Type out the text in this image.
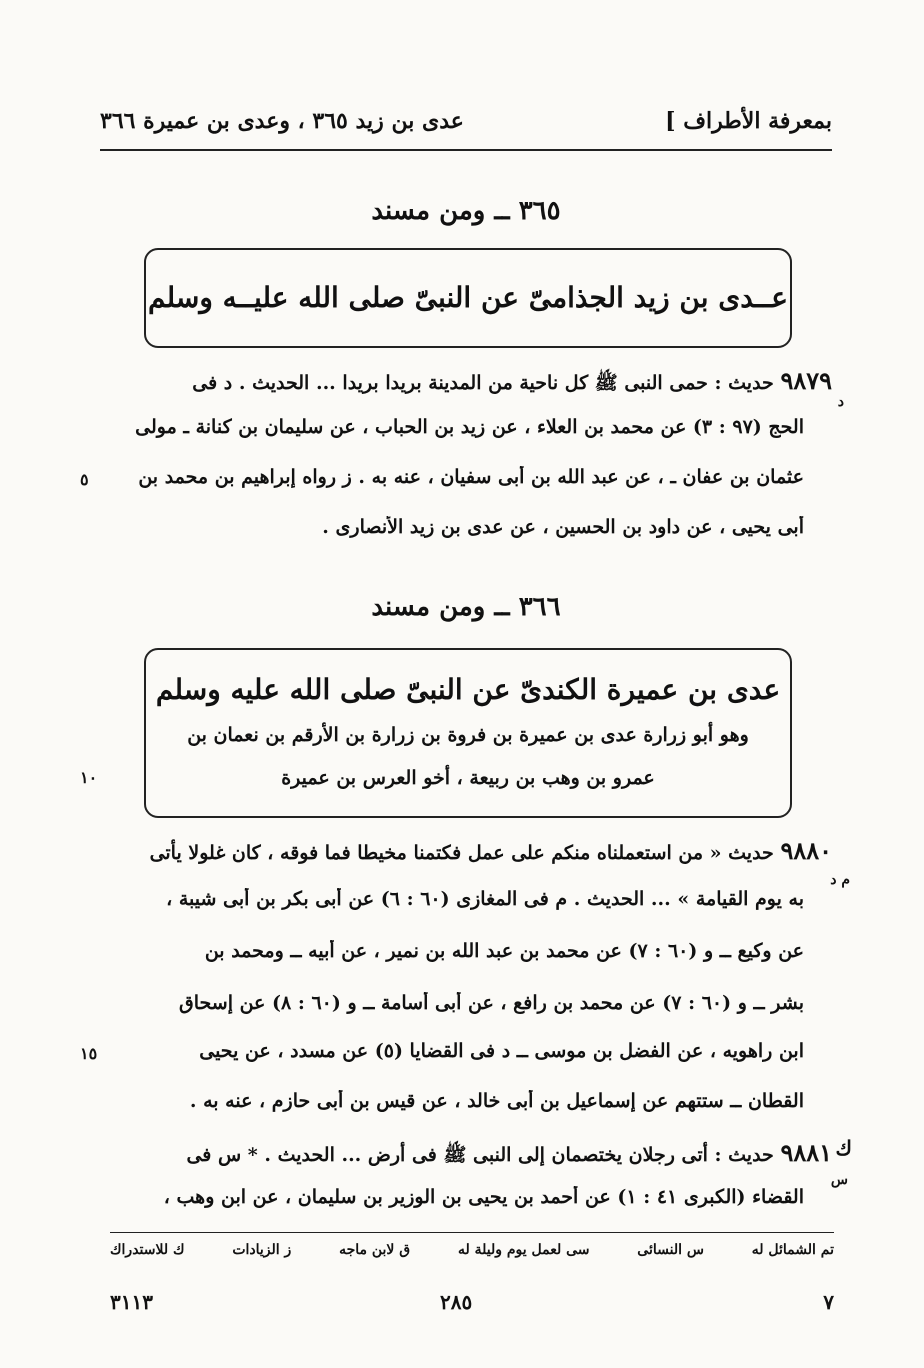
بمعرفة الأطراف ]
عدى بن زيد ٣٦٥ ، وعدى بن عميرة ٣٦٦
٣٦٥ ــ ومن مسند
عــدى بن زيد الجذامىّ عن النبىّ صلى الله عليــه وسلم
٩٨٧٩ حديث : حمى النبى ﷺ كل ناحية من المدينة بريدا بريدا ... الحديث . د فى
د
الحج (٩٧ : ٣) عن محمد بن العلاء ، عن زيد بن الحباب ، عن سليمان بن كنانة ـ مولى
عثمان بن عفان ـ ، عن عبد الله بن أبى سفيان ، عنه به . ز رواه إبراهيم بن محمد بن
٥
أبى يحيى ، عن داود بن الحسين ، عن عدى بن زيد الأنصارى .
٣٦٦ ــ ومن مسند
عدى بن عميرة الكندىّ عن النبىّ صلى الله عليه وسلم
وهو أبو زرارة عدى بن عميرة بن فروة بن زرارة بن الأرقم بن نعمان بن
عمرو بن وهب بن ربيعة ، أخو العرس بن عميرة
١٠
٩٨٨٠ حديث « من استعملناه منكم على عمل فكتمنا مخيطا فما فوقه ، كان غلولا يأتى
م د
به يوم القيامة » ... الحديث . م فى المغازى (٦٠ : ٦) عن أبى بكر بن أبى شيبة ،
عن وكيع ــ و (٦٠ : ٧) عن محمد بن عبد الله بن نمير ، عن أبيه ــ ومحمد بن
بشر ــ و (٦٠ : ٧) عن محمد بن رافع ، عن أبى أسامة ــ و (٦٠ : ٨) عن إسحاق
ابن راهويه ، عن الفضل بن موسى ــ د فى القضايا (٥) عن مسدد ، عن يحيى
١٥
القطان ــ ستتهم عن إسماعيل بن أبى خالد ، عن قيس بن أبى حازم ، عنه به .
ك
٩٨٨١ حديث : أتى رجلان يختصمان إلى النبى ﷺ فى أرض ... الحديث . * س فى
س
القضاء (الكبرى ٤١ : ١) عن أحمد بن يحيى بن الوزير بن سليمان ، عن ابن وهب ،
تم الشمائل له
س النسائى
سى لعمل يوم وليلة له
ق لابن ماجه
ز الزيادات
ك للاستدراك
٧
٢٨٥
٣١١٣
